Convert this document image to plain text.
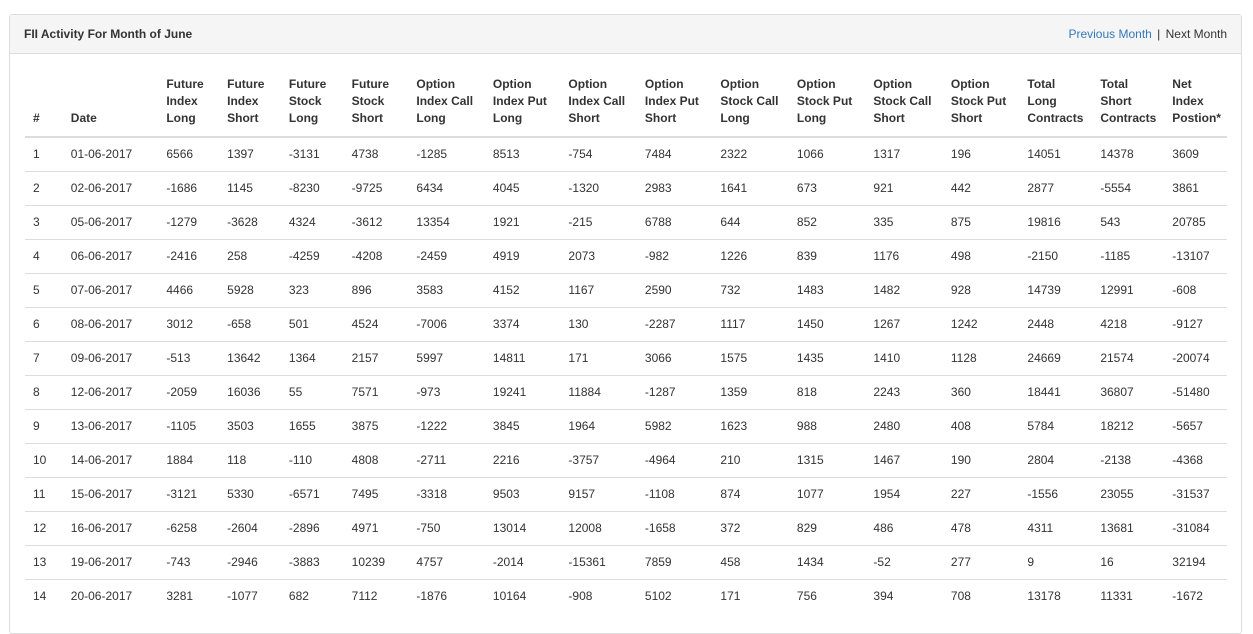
FII Activity For Month of June	Previous Month | Next Month
#	Date	Future Index Long	Future Index Short	Future Stock Long	Future Stock Short	Option Index Call Long	Option Index Put Long	Option Index Call Short	Option Index Put Short	Option Stock Call Long	Option Stock Put Long	Option Stock Call Short	Option Stock Put Short	Total Long Contracts	Total Short Contracts	Net Index Postion*
1	01-06-2017	6566	1397	-3131	4738	-1285	8513	-754	7484	2322	1066	1317	196	14051	14378	3609
2	02-06-2017	-1686	1145	-8230	-9725	6434	4045	-1320	2983	1641	673	921	442	2877	-5554	3861
3	05-06-2017	-1279	-3628	4324	-3612	13354	1921	-215	6788	644	852	335	875	19816	543	20785
4	06-06-2017	-2416	258	-4259	-4208	-2459	4919	2073	-982	1226	839	1176	498	-2150	-1185	-13107
5	07-06-2017	4466	5928	323	896	3583	4152	1167	2590	732	1483	1482	928	14739	12991	-608
6	08-06-2017	3012	-658	501	4524	-7006	3374	130	-2287	1117	1450	1267	1242	2448	4218	-9127
7	09-06-2017	-513	13642	1364	2157	5997	14811	171	3066	1575	1435	1410	1128	24669	21574	-20074
8	12-06-2017	-2059	16036	55	7571	-973	19241	11884	-1287	1359	818	2243	360	18441	36807	-51480
9	13-06-2017	-1105	3503	1655	3875	-1222	3845	1964	5982	1623	988	2480	408	5784	18212	-5657
10	14-06-2017	1884	118	-110	4808	-2711	2216	-3757	-4964	210	1315	1467	190	2804	-2138	-4368
11	15-06-2017	-3121	5330	-6571	7495	-3318	9503	9157	-1108	874	1077	1954	227	-1556	23055	-31537
12	16-06-2017	-6258	-2604	-2896	4971	-750	13014	12008	-1658	372	829	486	478	4311	13681	-31084
13	19-06-2017	-743	-2946	-3883	10239	4757	-2014	-15361	7859	458	1434	-52	277	9	16	32194
14	20-06-2017	3281	-1077	682	7112	-1876	10164	-908	5102	171	756	394	708	13178	11331	-1672
